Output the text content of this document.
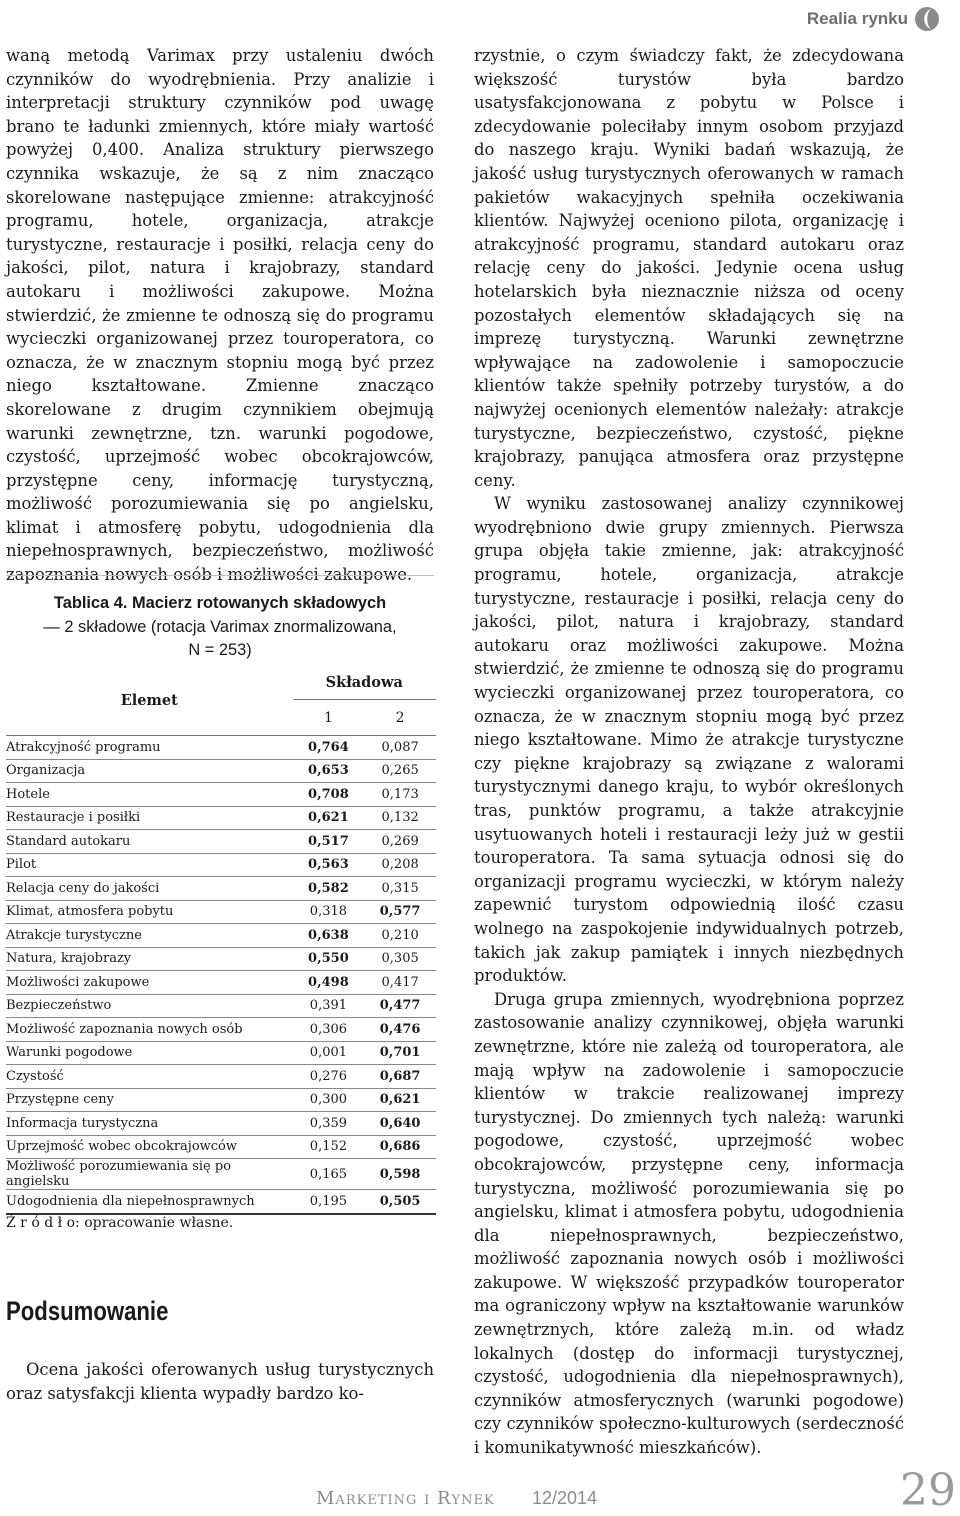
Realia rynku

waną metodą Varimax przy ustaleniu dwóch czynników do wyodrębnienia. Przy analizie i interpretacji struktury czynników pod uwagę brano te ładunki zmiennych, które miały wartość powyżej 0,400. Analiza struktury pierwszego czynnika wskazuje, że są z nim znacząco skorelowane następujące zmienne: atrakcyjność programu, hotele, organizacja, atrakcje turystyczne, restauracje i posiłki, relacja ceny do jakości, pilot, natura i krajobrazy, standard autokaru i możliwości zakupowe. Można stwierdzić, że zmienne te odnoszą się do programu wycieczki organizowanej przez touroperatora, co oznacza, że w znacznym stopniu mogą być przez niego kształtowane. Zmienne znacząco skorelowane z drugim czynnikiem obejmują warunki zewnętrzne, tzn. warunki pogodowe, czystość, uprzejmość wobec obcokrajowców, przystępne ceny, informację turystyczną, możliwość porozumiewania się po angielsku, klimat i atmosferę pobytu, udogodnienia dla niepełnosprawnych, bezpieczeństwo, możliwość zapoznania nowych osób i możliwości zakupowe.

Tablica 4. Macierz rotowanych składowych
— 2 składowe (rotacja Varimax znormalizowana,
N = 253)
Elemet	Składowa	
	1	2
Atrakcyjność programu	0,764	0,087
Organizacja	0,653	0,265
Hotele	0,708	0,173
Restauracje i posiłki	0,621	0,132
Standard autokaru	0,517	0,269
Pilot	0,563	0,208
Relacja ceny do jakości	0,582	0,315
Klimat, atmosfera pobytu	0,318	0,577
Atrakcje turystyczne	0,638	0,210
Natura, krajobrazy	0,550	0,305
Możliwości zakupowe	0,498	0,417
Bezpieczeństwo	0,391	0,477
Możliwość zapoznania nowych osób	0,306	0,476
Warunki pogodowe	0,001	0,701
Czystość	0,276	0,687
Przystępne ceny	0,300	0,621
Informacja turystyczna	0,359	0,640
Uprzejmość wobec obcokrajowców	0,152	0,686
Możliwość porozumiewania się po angielsku	0,165	0,598
Udogodnienia dla niepełnosprawnych	0,195	0,505
Ź r ó d ł o: opracowanie własne.
Podsumowanie

Ocena jakości oferowanych usług turystycznych oraz satysfakcji klienta wypadły bardzo ko-

rzystnie, o czym świadczy fakt, że zdecydowana większość turystów była bardzo usatysfakcjonowana z pobytu w Polsce i zdecydowanie poleciłaby innym osobom przyjazd do naszego kraju. Wyniki badań wskazują, że jakość usług turystycznych oferowanych w ramach pakietów wakacyjnych spełniła oczekiwania klientów. Najwyżej oceniono pilota, organizację i atrakcyjność programu, standard autokaru oraz relację ceny do jakości. Jedynie ocena usług hotelarskich była nieznacznie niższa od oceny pozostałych elementów składających się na imprezę turystyczną. Warunki zewnętrzne wpływające na zadowolenie i samopoczucie klientów także spełniły potrzeby turystów, a do najwyżej ocenionych elementów należały: atrakcje turystyczne, bezpieczeństwo, czystość, piękne krajobrazy, panująca atmosfera oraz przystępne ceny.

W wyniku zastosowanej analizy czynnikowej wyodrębniono dwie grupy zmiennych. Pierwsza grupa objęła takie zmienne, jak: atrakcyjność programu, hotele, organizacja, atrakcje turystyczne, restauracje i posiłki, relacja ceny do jakości, pilot, natura i krajobrazy, standard autokaru oraz możliwości zakupowe. Można stwierdzić, że zmienne te odnoszą się do programu wycieczki organizowanej przez touroperatora, co oznacza, że w znacznym stopniu mogą być przez niego kształtowane. Mimo że atrakcje turystyczne czy piękne krajobrazy są związane z walorami turystycznymi danego kraju, to wybór określonych tras, punktów programu, a także atrakcyjnie usytuowanych hoteli i restauracji leży już w gestii touroperatora. Ta sama sytuacja odnosi się do organizacji programu wycieczki, w którym należy zapewnić turystom odpowiednią ilość czasu wolnego na zaspokojenie indywidualnych potrzeb, takich jak zakup pamiątek i innych niezbędnych produktów.

Druga grupa zmiennych, wyodrębniona poprzez zastosowanie analizy czynnikowej, objęła warunki zewnętrzne, które nie zależą od touroperatora, ale mają wpływ na zadowolenie i samopoczucie klientów w trakcie realizowanej imprezy turystycznej. Do zmiennych tych należą: warunki pogodowe, czystość, uprzejmość wobec obcokrajowców, przystępne ceny, informacja turystyczna, możliwość porozumiewania się po angielsku, klimat i atmosfera pobytu, udogodnienia dla niepełnosprawnych, bezpieczeństwo, możliwość zapoznania nowych osób i możliwości zakupowe. W większość przypadków touroperator ma ograniczony wpływ na kształtowanie warunków zewnętrznych, które zależą m.in. od władz lokalnych (dostęp do informacji turystycznej, czystość, udogodnienia dla niepełnosprawnych), czynników atmosferycznych (warunki pogodowe) czy czynników społeczno-kulturowych (serdeczność i komunikatywność mieszkańców).

Marketing i Rynek 12/2014	29
